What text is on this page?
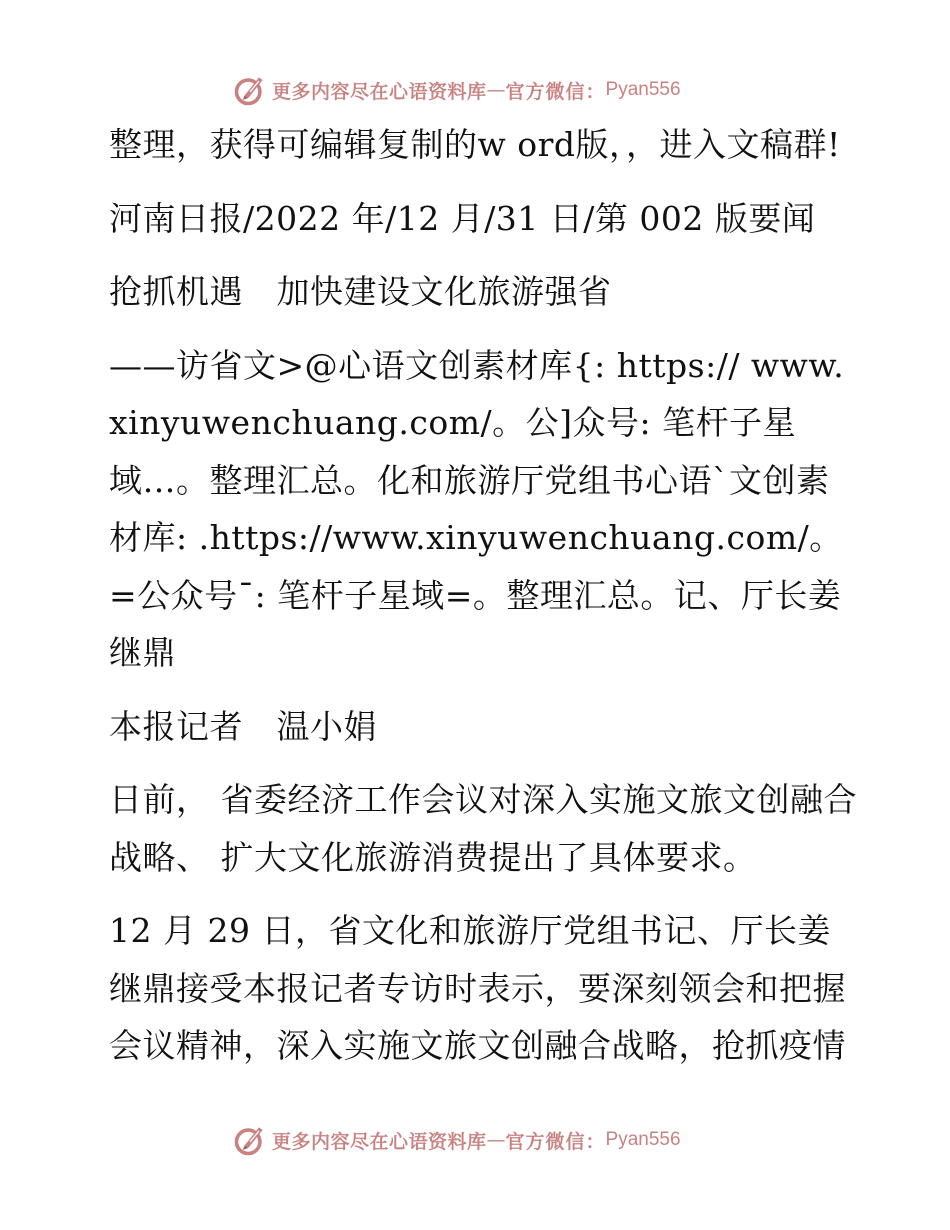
更多内容尽在心语资料库 — 官方微信： Pyan556

整理，获得可编辑复制的w ord版，，进入文稿群!

河南日报/2022 年/12 月/31 日/第 002 版要闻

抢抓机遇　加快建设文化旅游强省

——访省文>@心语文创素材库{: https:// www.xinyuwenchuang.com/。公]众号: 笔杆子星域…。整理汇总。化和旅游厅党组书心语`文创素材库: .https://www.xinyuwenchuang.com/。=公众号¯: 笔杆子星域=。整理汇总。记、厅长姜继鼎

本报记者　温小娟

日前， 省委经济工作会议对深入实施文旅文创融合战略、 扩大文化旅游消费提出了具体要求。

12 月 29 日，省文化和旅游厅党组书记、厅长姜继鼎接受本报记者专访时表示，要深刻领会和把握会议精神，深入实施文旅文创融合战略，抢抓疫情

更多内容尽在心语资料库 — 官方微信： Pyan556
